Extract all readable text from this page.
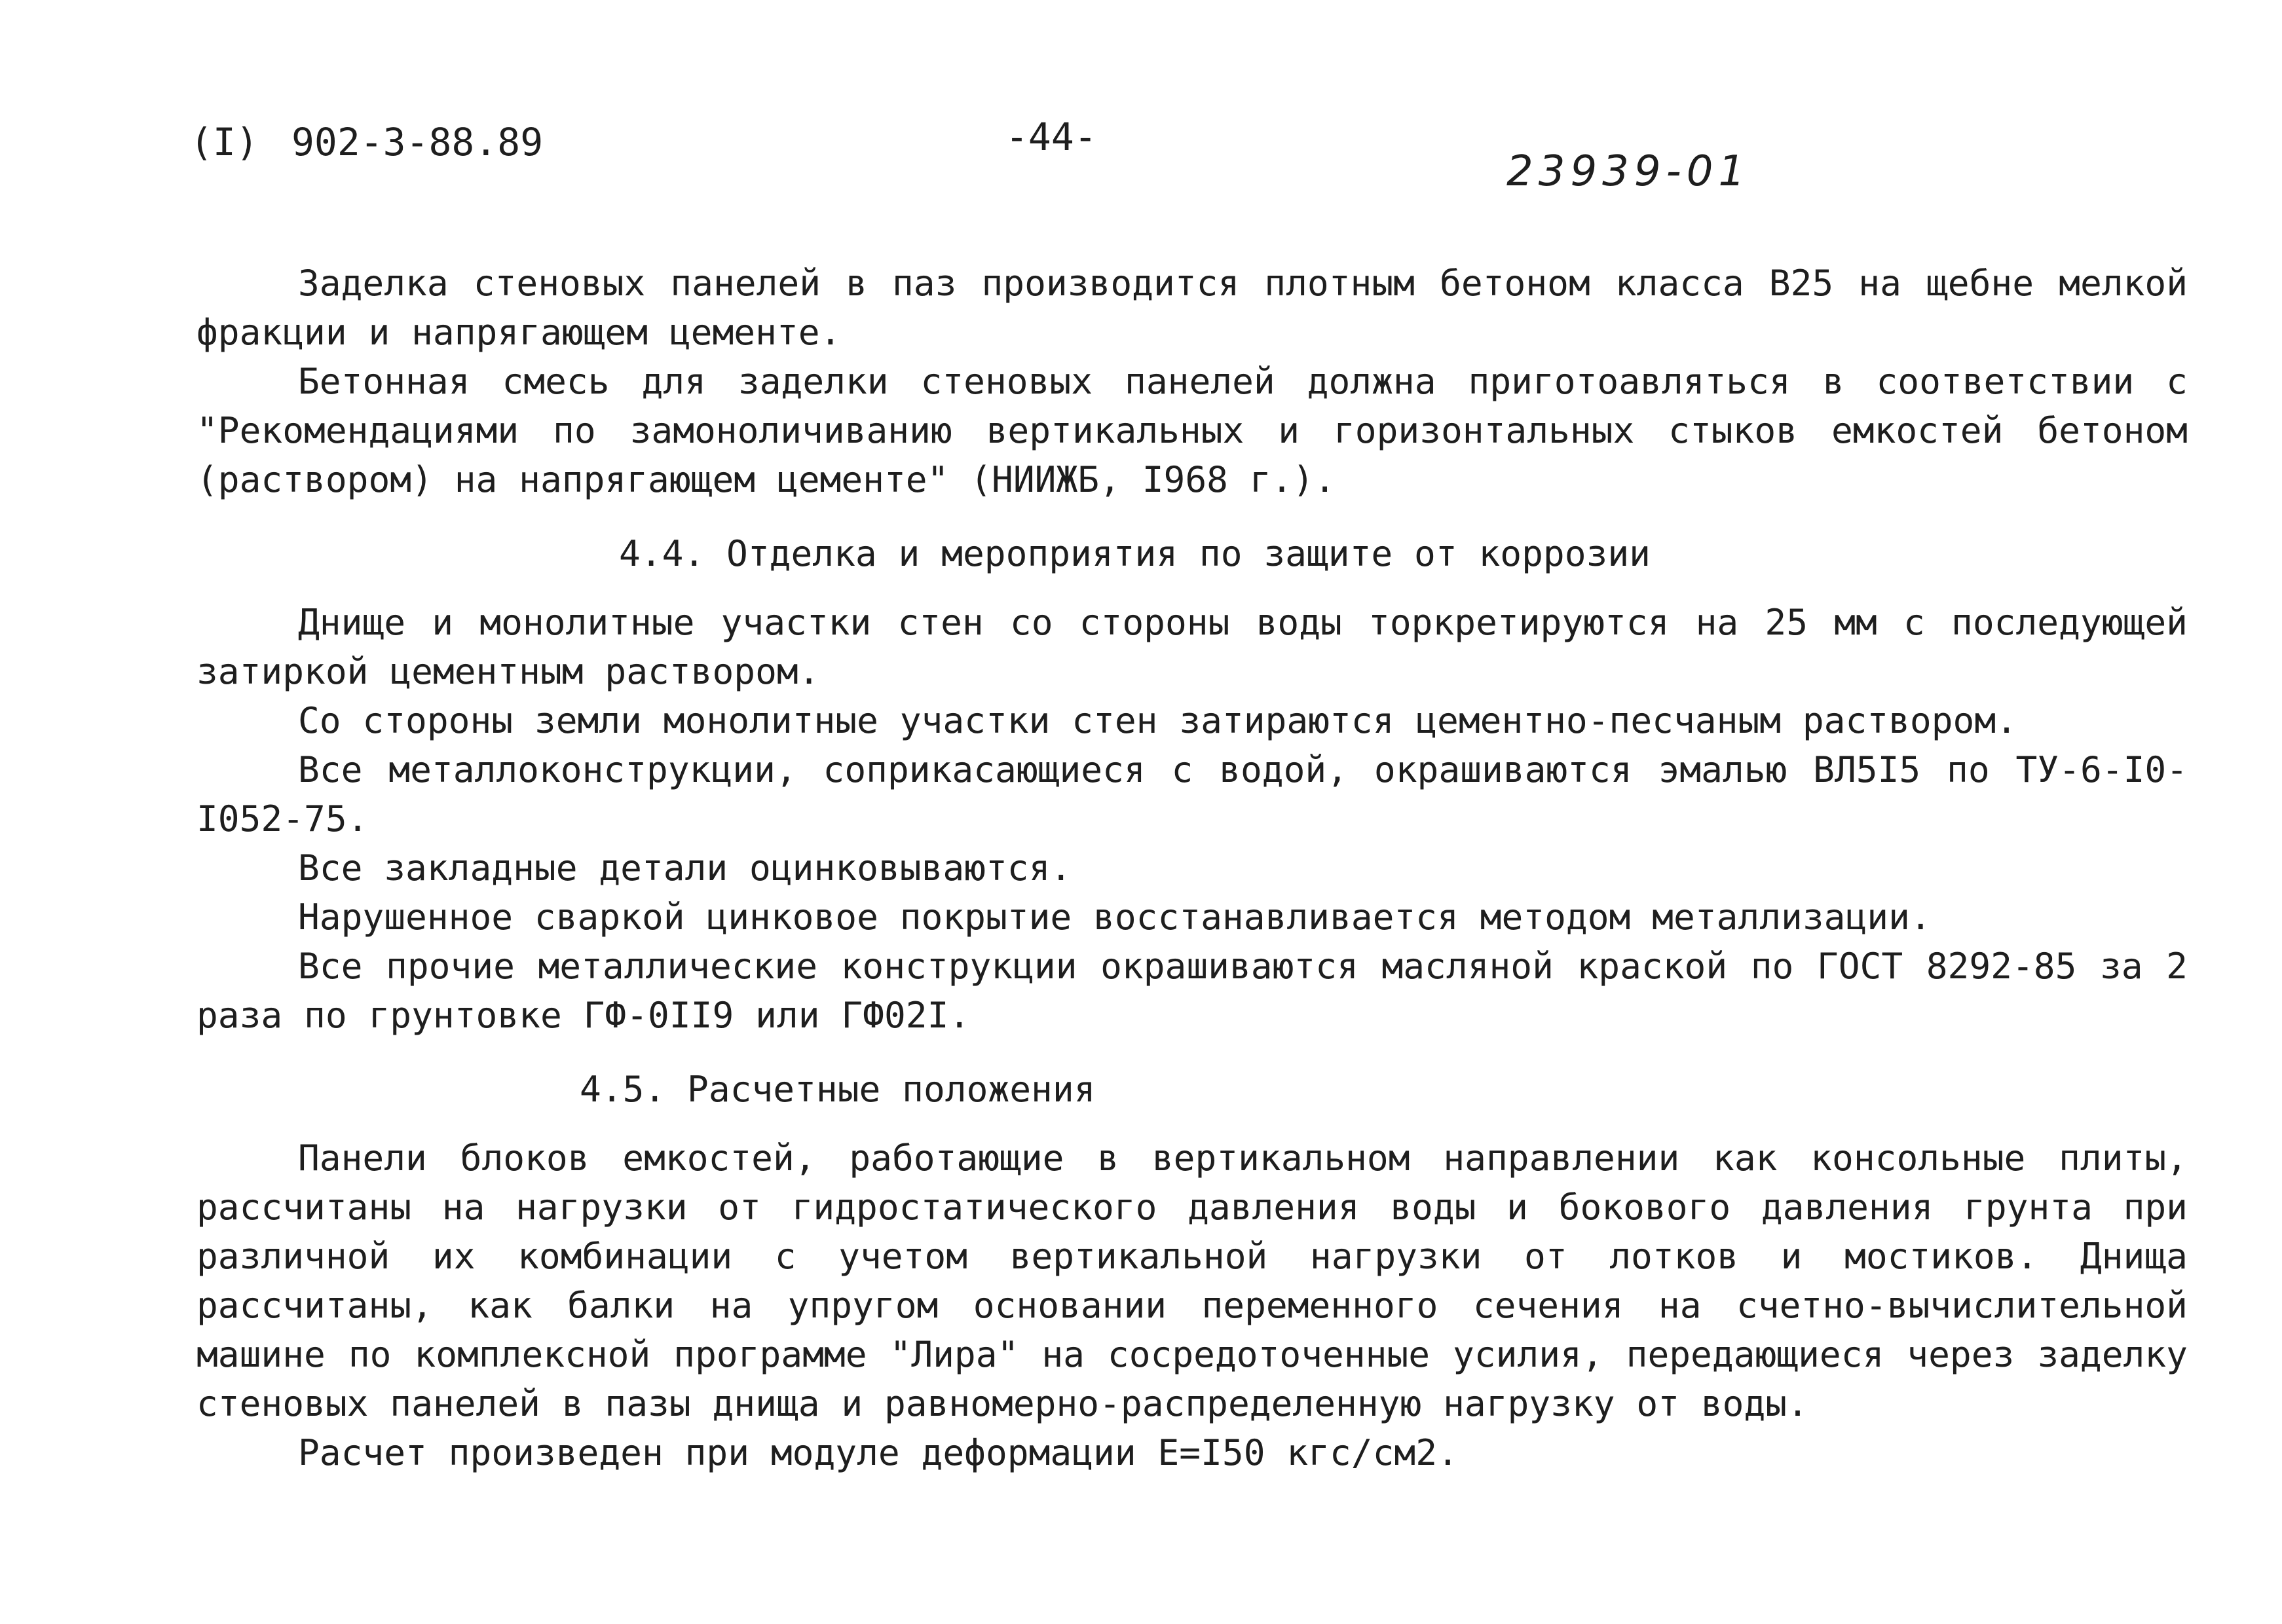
(I) 902-3-88.89	-44-
23939-01

Заделка стеновых панелей в паз производится плотным бетоном класса В25 на щебне мелкой фракции и напрягающем цементе.

Бетонная смесь для заделки стеновых панелей должна приготоавляться в соответствии с "Рекомендациями по замоноличиванию вертикальных и горизонтальных стыков емкостей бетоном (раствором) на напрягающем цементе" (НИИЖБ, I968 г.).

4.4. Отделка и мероприятия по защите от коррозии

Днище и монолитные участки стен со стороны воды торкретируются на 25 мм с последующей затиркой цементным раствором.

Со стороны земли монолитные участки стен затираются цементно-песчаным раствором.

Все металлоконструкции, соприкасающиеся с водой, окрашиваются эмалью ВЛ5I5 по ТУ-6-I0-I052-75.

Все закладные детали оцинковываются.

Нарушенное сваркой цинковое покрытие восстанавливается методом металлизации.

Все прочие металлические конструкции окрашиваются масляной краской по ГОСТ 8292-85 за 2 раза по грунтовке ГФ-0II9 или ГФ02I.

4.5. Расчетные положения

Панели блоков емкостей, работающие в вертикальном направлении как консольные плиты, рассчитаны на нагрузки от гидростатического давления воды и бокового давления грунта при различной их комбинации с учетом вертикальной нагрузки от лотков и мостиков. Днища рассчитаны, как балки на упругом основании переменного сечения на счетно-вычислительной машине по комплексной программе "Лира" на сосредоточенные усилия, передающиеся через заделку стеновых панелей в пазы днища и равномерно-распределенную нагрузку от воды.

Расчет произведен при модуле деформации Е=I50 кгс/см2.
